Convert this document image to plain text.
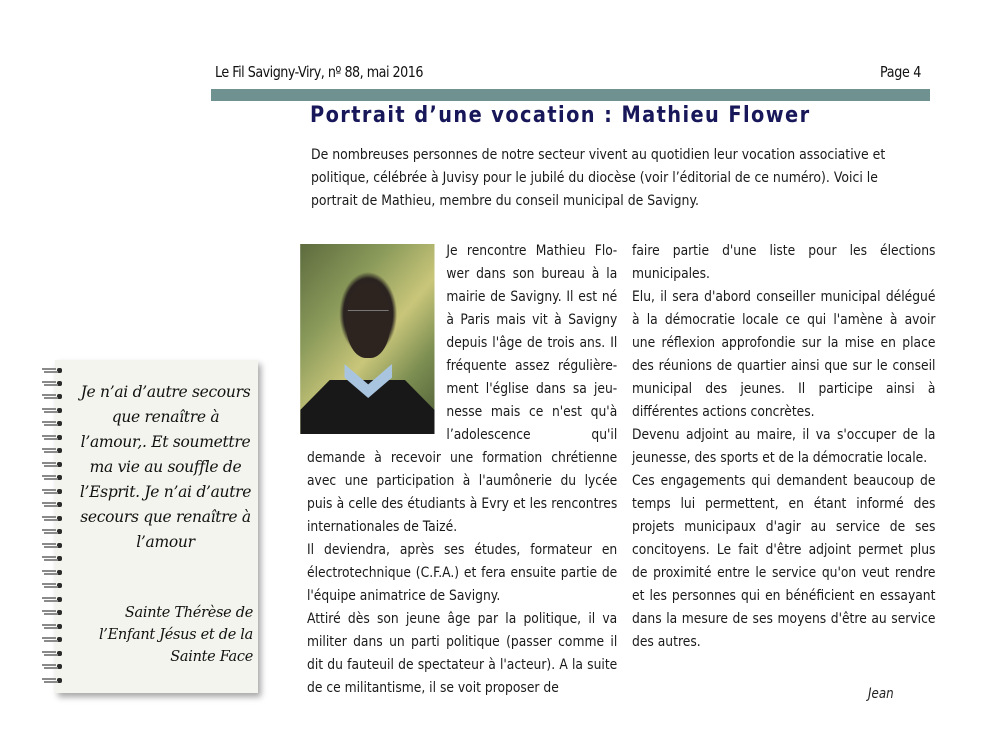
Le Fil Savigny-Viry, nº 88, mai 2016	Page 4
Portrait d’une vocation : Mathieu Flower
De nombreuses personnes de notre secteur vivent au quotidien leur vocation associative et politique, célébrée à Juvisy pour le jubilé du diocèse (voir l’éditorial de ce numéro). Voici le portrait de Mathieu, membre du conseil municipal de Savigny.

Je rencontre Mathieu Flower dans son bureau à la mairie de Savigny. Il est né à Paris mais vit à Savigny depuis l'âge de trois ans. Il fréquente assez régulièrement l'église dans sa jeunesse mais ce n'est qu'à l’adolescence qu'il demande à recevoir une formation chrétienne avec une participation à l'aumônerie du lycée puis à celle des étudiants à Evry et les rencontres internationales de Taizé.

Il deviendra, après ses études, formateur en électrotechnique (C.F.A.) et fera ensuite partie de l'équipe animatrice de Savigny.

Attiré dès son jeune âge par la politique, il va militer dans un parti politique (passer comme il dit du fauteuil de spectateur à l'acteur). A la suite de ce militantisme, il se voit proposer de

faire partie d'une liste pour les élections municipales.

Elu, il sera d'abord conseiller municipal délégué à la démocratie locale ce qui l'amène à avoir une réflexion approfondie sur la mise en place des réunions de quartier ainsi que sur le conseil municipal des jeunes. Il participe ainsi à différentes actions concrètes.

Devenu adjoint au maire, il va s'occuper de la jeunesse, des sports et de la démocratie locale.

Ces engagements qui demandent beaucoup de temps lui permettent, en étant informé des projets municipaux d'agir au service de ses concitoyens. Le fait d'être adjoint permet plus de proximité entre le service qu'on veut rendre et les personnes qui en bénéficient en essayant dans la mesure de ses moyens d'être au service des autres.

Jean
Je n’ai d’autre secours que renaître à l’amour,. Et soumettre ma vie au souffle de l’Esprit. Je n’ai d’autre secours que renaître à l’amour
Sainte Thérèse de l’Enfant Jésus et de la Sainte Face
